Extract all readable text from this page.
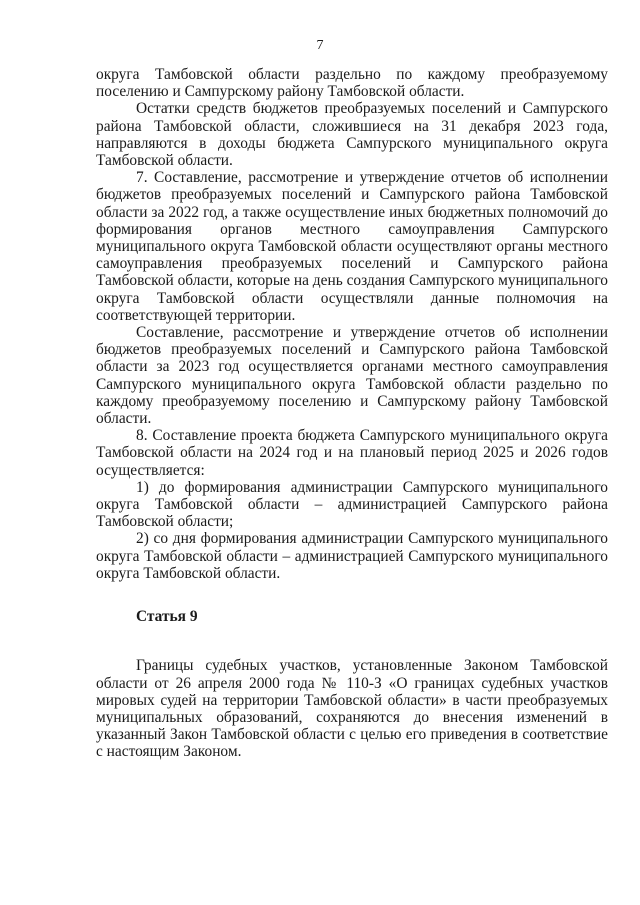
7

округа Тамбовской области раздельно по каждому преобразуемому поселению и Сампурскому району Тамбовской области.

Остатки средств бюджетов преобразуемых поселений и Сампурского района Тамбовской области, сложившиеся на 31 декабря 2023 года, направляются в доходы бюджета Сампурского муниципального округа Тамбовской области.

7. Составление, рассмотрение и утверждение отчетов об исполнении бюджетов преобразуемых поселений и Сампурского района Тамбовской области за 2022 год, а также осуществление иных бюджетных полномочий до формирования органов местного самоуправления Сампурского муниципального округа Тамбовской области осуществляют органы местного самоуправления преобразуемых поселений и Сампурского района Тамбовской области, которые на день создания Сампурского муниципального округа Тамбовской области осуществляли данные полномочия на соответствующей территории.

Составление, рассмотрение и утверждение отчетов об исполнении бюджетов преобразуемых поселений и Сампурского района Тамбовской области за 2023 год осуществляется органами местного самоуправления Сампурского муниципального округа Тамбовской области раздельно по каждому преобразуемому поселению и Сампурскому району Тамбовской области.

8. Составление проекта бюджета Сампурского муниципального округа Тамбовской области на 2024 год и на плановый период 2025 и 2026 годов осуществляется:

1) до формирования администрации Сампурского муниципального округа Тамбовской области – администрацией Сампурского района Тамбовской области;

2) со дня формирования администрации Сампурского муниципального округа Тамбовской области – администрацией Сампурского муниципального округа Тамбовской области.

Статья 9

Границы судебных участков, установленные Законом Тамбовской области от 26 апреля 2000 года № 110-З «О границах судебных участков мировых судей на территории Тамбовской области» в части преобразуемых муниципальных образований, сохраняются до внесения изменений в указанный Закон Тамбовской области с целью его приведения в соответствие с настоящим Законом.
